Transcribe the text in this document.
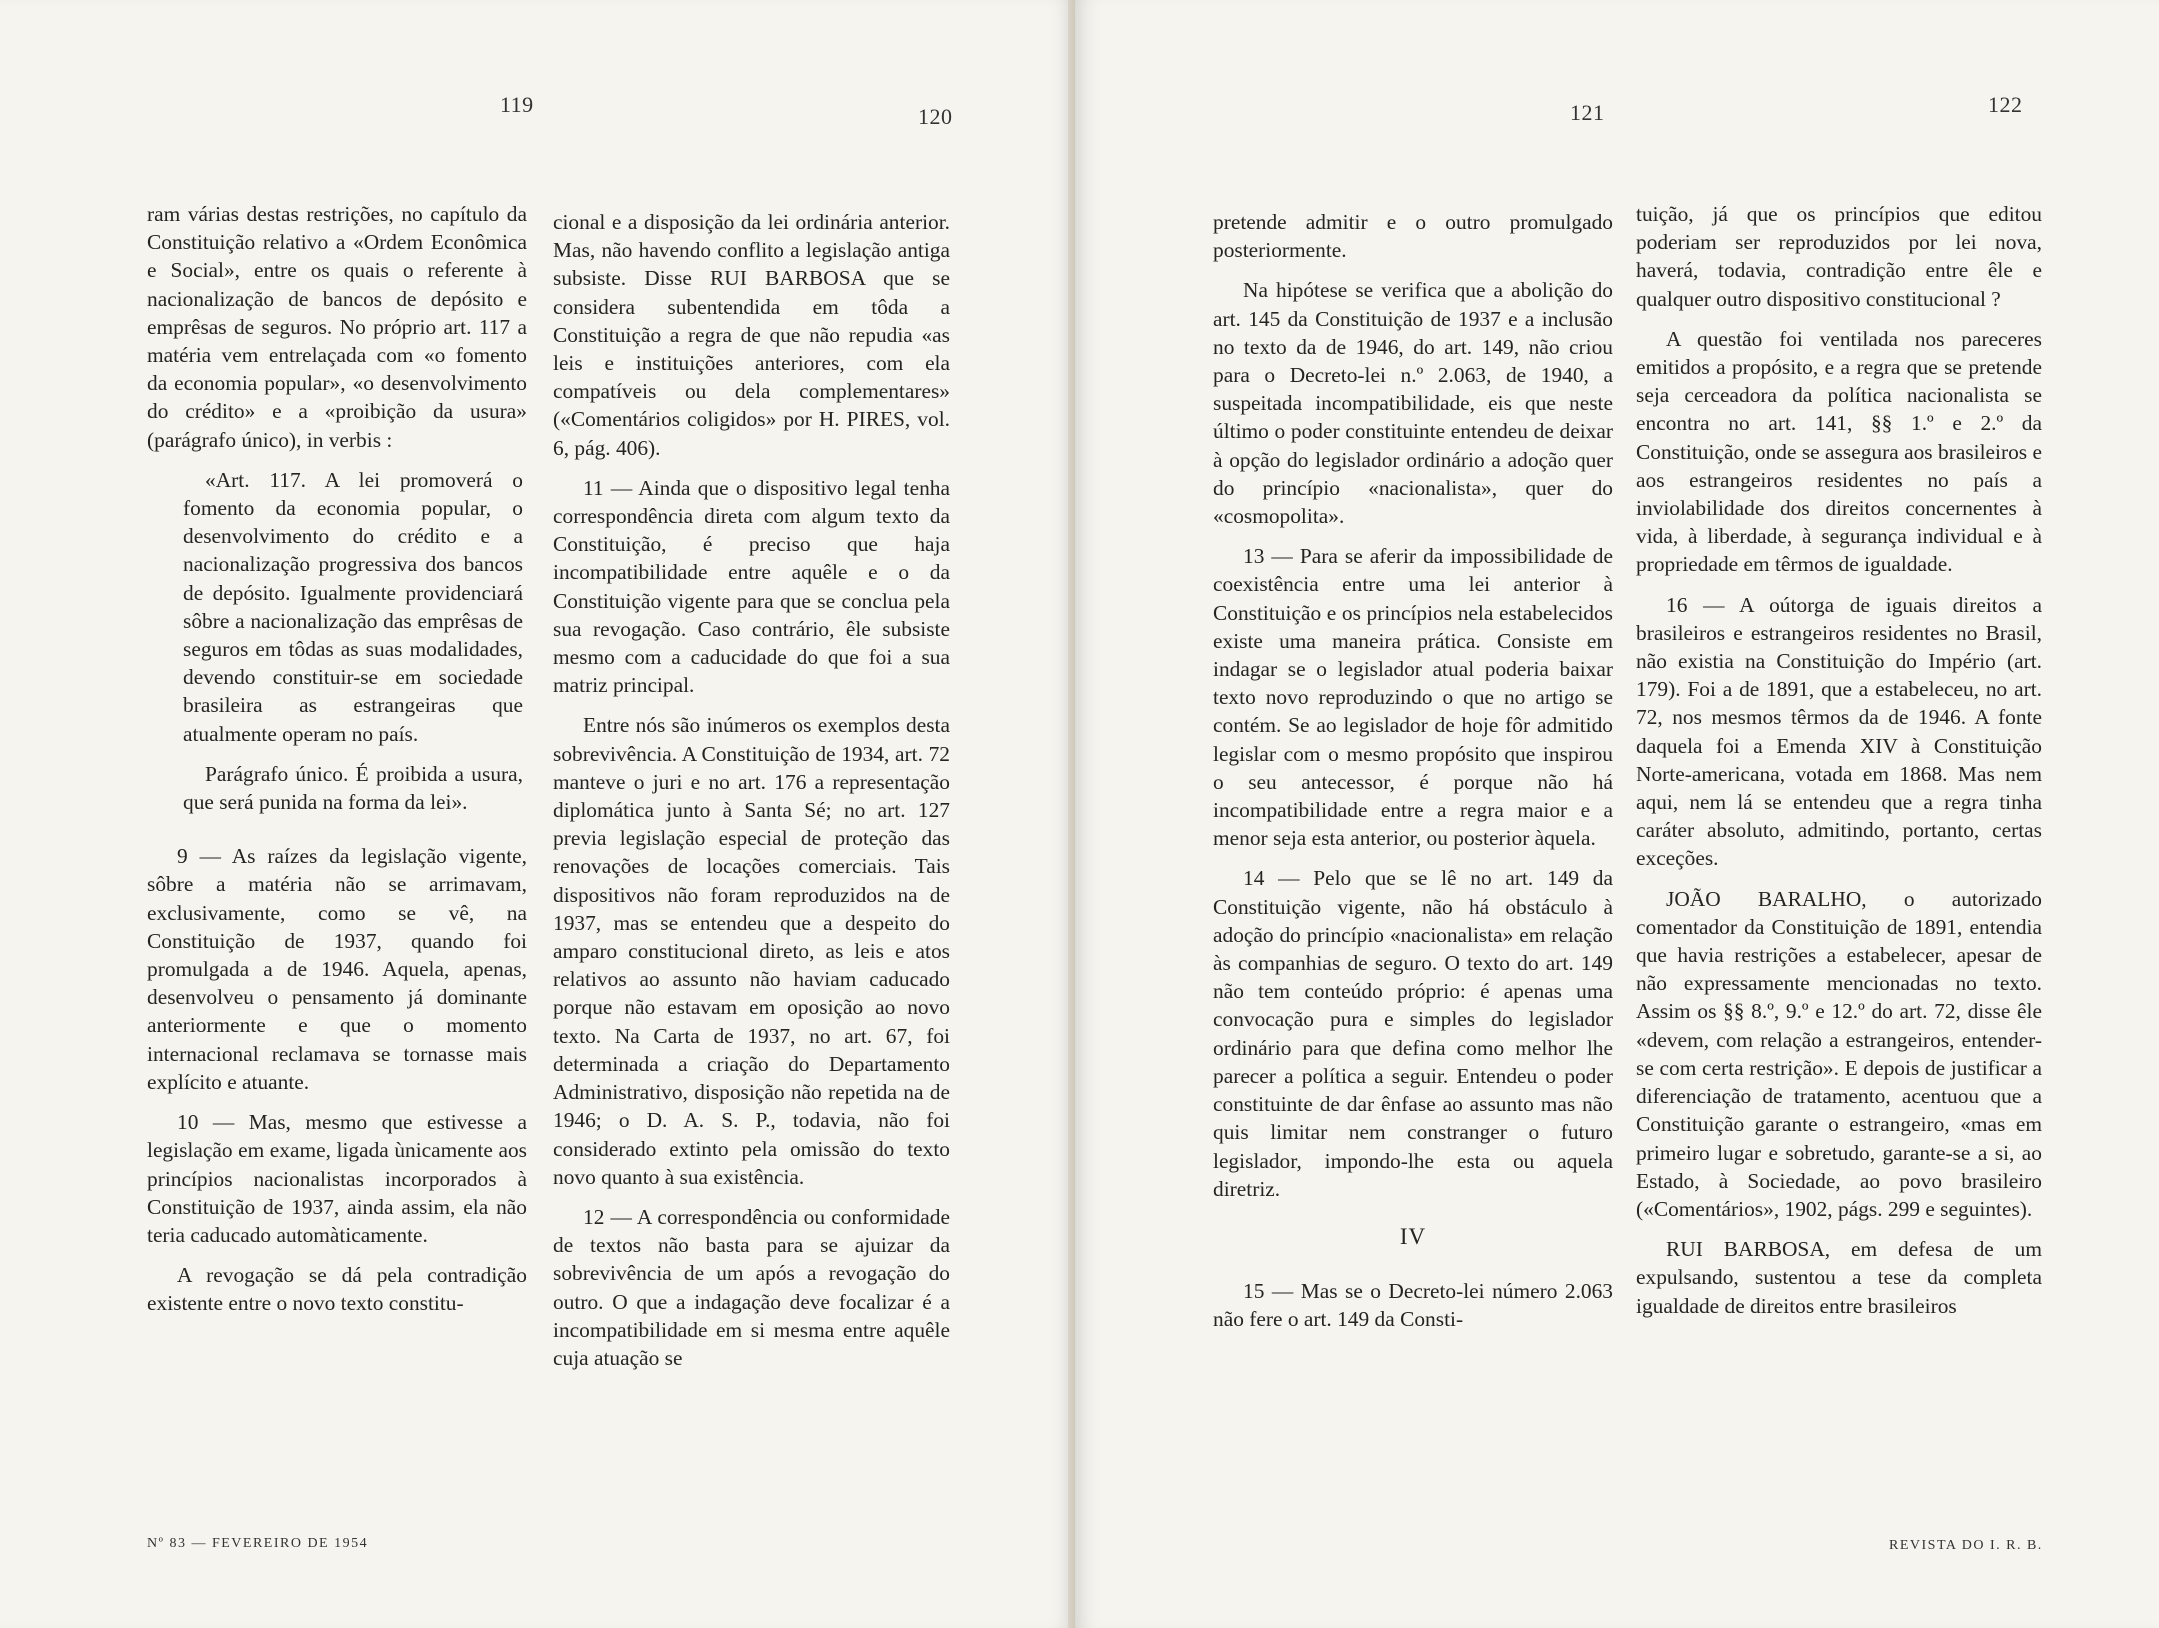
119	120

ram várias destas restrições, no capítulo da Constituição relativo a «Ordem Econômica e Social», entre os quais o referente à nacionalização de bancos de depósito e emprêsas de seguros. No próprio art. 117 a matéria vem entrelaçada com «o fomento da economia popular», «o desenvolvimento do crédito» e a «proibição da usura» (parágrafo único), in verbis :

«Art. 117. A lei promoverá o fomento da economia popular, o desenvolvimento do crédito e a nacionalização progressiva dos bancos de depósito. Igualmente providenciará sôbre a nacionalização das emprêsas de seguros em tôdas as suas modalidades, devendo constituir-se em sociedade brasileira as estrangeiras que atualmente operam no país.

Parágrafo único. É proibida a usura, que será punida na forma da lei».

9 — As raízes da legislação vigente, sôbre a matéria não se arrimavam, exclusivamente, como se vê, na Constituição de 1937, quando foi promulgada a de 1946. Aquela, apenas, desenvolveu o pensamento já dominante anteriormente e que o momento internacional reclamava se tornasse mais explícito e atuante.

10 — Mas, mesmo que estivesse a legislação em exame, ligada ùnicamente aos princípios nacionalistas incorporados à Constituição de 1937, ainda assim, ela não teria caducado automàticamente.

A revogação se dá pela contradição existente entre o novo texto constitu-

cional e a disposição da lei ordinária anterior. Mas, não havendo conflito a legislação antiga subsiste. Disse RUI BARBOSA que se considera subentendida em tôda a Constituição a regra de que não repudia «as leis e instituições anteriores, com ela compatíveis ou dela complementares» («Comentários coligidos» por H. PIRES, vol. 6, pág. 406).

11 — Ainda que o dispositivo legal tenha correspondência direta com algum texto da Constituição, é preciso que haja incompatibilidade entre aquêle e o da Constituição vigente para que se conclua pela sua revogação. Caso contrário, êle subsiste mesmo com a caducidade do que foi a sua matriz principal.

Entre nós são inúmeros os exemplos desta sobrevivência. A Constituição de 1934, art. 72 manteve o juri e no art. 176 a representação diplomática junto à Santa Sé; no art. 127 previa legislação especial de proteção das renovações de locações comerciais. Tais dispositivos não foram reproduzidos na de 1937, mas se entendeu que a despeito do amparo constitucional direto, as leis e atos relativos ao assunto não haviam caducado porque não estavam em oposição ao novo texto. Na Carta de 1937, no art. 67, foi determinada a criação do Departamento Administrativo, disposição não repetida na de 1946; o D. A. S. P., todavia, não foi considerado extinto pela omissão do texto novo quanto à sua existência.

12 — A correspondência ou conformidade de textos não basta para se ajuizar da sobrevivência de um após a revogação do outro. O que a indagação deve focalizar é a incompatibilidade em si mesma entre aquêle cuja atuação se

Nº 83 — FEVEREIRO DE 1954
121	122

pretende admitir e o outro promulgado posteriormente.

Na hipótese se verifica que a abolição do art. 145 da Constituição de 1937 e a inclusão no texto da de 1946, do art. 149, não criou para o Decreto-lei n.º 2.063, de 1940, a suspeitada incompatibilidade, eis que neste último o poder constituinte entendeu de deixar à opção do legislador ordinário a adoção quer do princípio «nacionalista», quer do «cosmopolita».

13 — Para se aferir da impossibilidade de coexistência entre uma lei anterior à Constituição e os princípios nela estabelecidos existe uma maneira prática. Consiste em indagar se o legislador atual poderia baixar texto novo reproduzindo o que no artigo se contém. Se ao legislador de hoje fôr admitido legislar com o mesmo propósito que inspirou o seu antecessor, é porque não há incompatibilidade entre a regra maior e a menor seja esta anterior, ou posterior àquela.

14 — Pelo que se lê no art. 149 da Constituição vigente, não há obstáculo à adoção do princípio «nacionalista» em relação às companhias de seguro. O texto do art. 149 não tem conteúdo próprio: é apenas uma convocação pura e simples do legislador ordinário para que defina como melhor lhe parecer a política a seguir. Entendeu o poder constituinte de dar ênfase ao assunto mas não quis limitar nem constranger o futuro legislador, impondo-lhe esta ou aquela diretriz.

IV

15 — Mas se o Decreto-lei número 2.063 não fere o art. 149 da Consti-

tuição, já que os princípios que editou poderiam ser reproduzidos por lei nova, haverá, todavia, contradição entre êle e qualquer outro dispositivo constitucional ?

A questão foi ventilada nos pareceres emitidos a propósito, e a regra que se pretende seja cerceadora da política nacionalista se encontra no art. 141, §§ 1.º e 2.º da Constituição, onde se assegura aos brasileiros e aos estrangeiros residentes no país a inviolabilidade dos direitos concernentes à vida, à liberdade, à segurança individual e à propriedade em têrmos de igualdade.

16 — A oútorga de iguais direitos a brasileiros e estrangeiros residentes no Brasil, não existia na Constituição do Império (art. 179). Foi a de 1891, que a estabeleceu, no art. 72, nos mesmos têrmos da de 1946. A fonte daquela foi a Emenda XIV à Constituição Norte-americana, votada em 1868. Mas nem aqui, nem lá se entendeu que a regra tinha caráter absoluto, admitindo, portanto, certas exceções.

JOÃO BARALHO, o autorizado comentador da Constituição de 1891, entendia que havia restrições a estabelecer, apesar de não expressamente mencionadas no texto. Assim os §§ 8.º, 9.º e 12.º do art. 72, disse êle «devem, com relação a estrangeiros, entender-se com certa restrição». E depois de justificar a diferenciação de tratamento, acentuou que a Constituição garante o estrangeiro, «mas em primeiro lugar e sobretudo, garante-se a si, ao Estado, à Sociedade, ao povo brasileiro («Comentários», 1902, págs. 299 e seguintes).

RUI BARBOSA, em defesa de um expulsando, sustentou a tese da completa igualdade de direitos entre brasileiros

REVISTA DO I. R. B.
